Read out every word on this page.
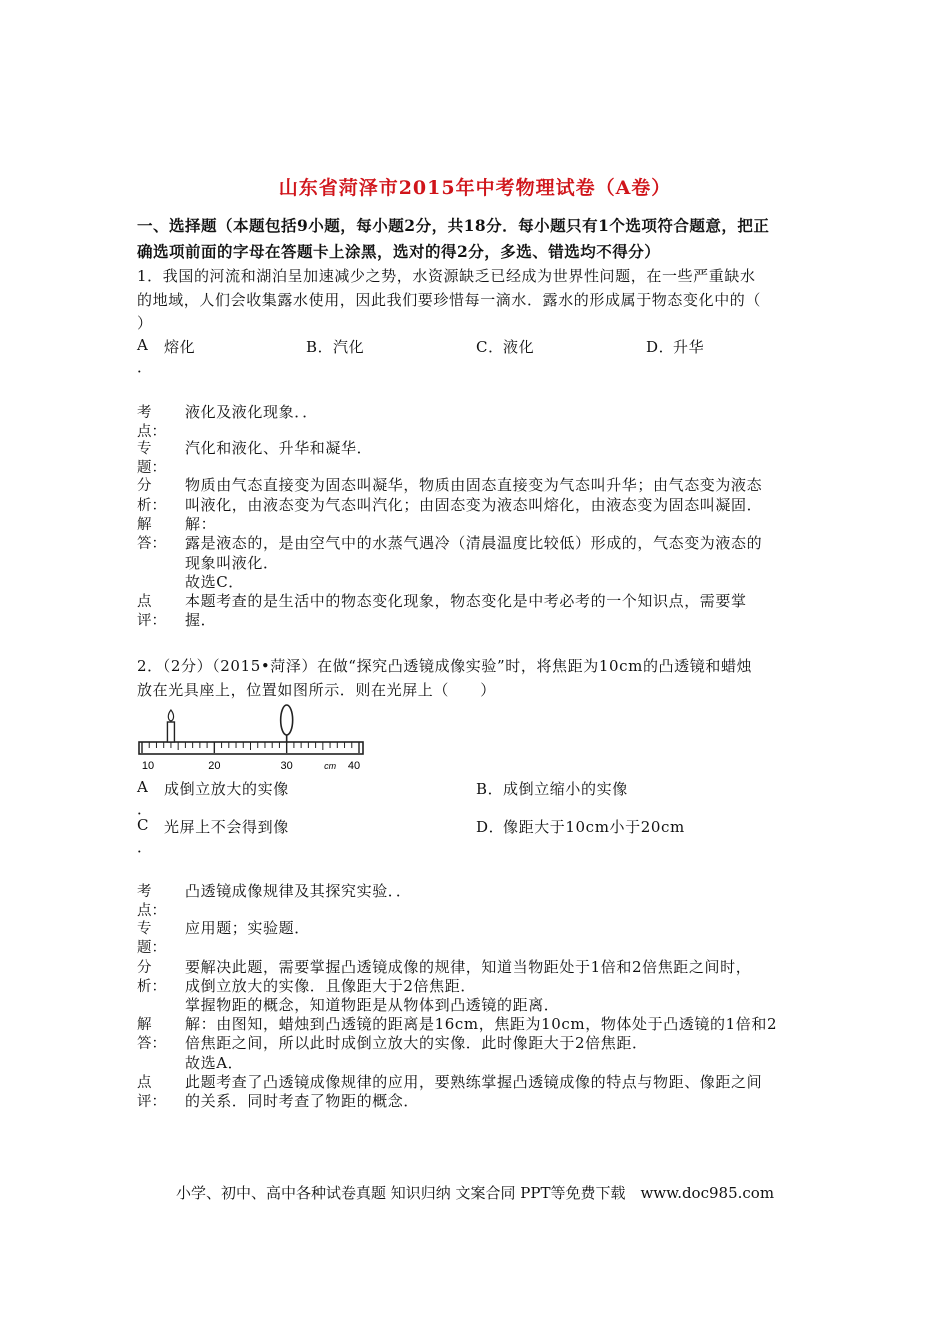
山东省菏泽市2015年中考物理试卷（A卷）
一、选择题（本题包括9小题，每小题2分，共18分．每小题只有1个选项符合题意，把正
确选项前面的字母在答题卡上涂黑，选对的得2分，多选、错选均不得分）
1．我国的河流和湖泊呈加速减少之势，水资源缺乏已经成为世界性问题，在一些严重缺水
的地域，人们会收集露水使用，因此我们要珍惜每一滴水．露水的形成属于物态变化中的（
）
A 熔化
．
B． 汽化	C． 液化	D．
升华
考
点：
液化及液化现象．．
专
题：
汽化和液化、升华和凝华．
分
析：
物质由气态直接变为固态叫凝华，物质由固态直接变为气态叫升华；由气态变为液态
叫液化，由液态变为气态叫汽化；由固态变为液态叫熔化，由液态变为固态叫凝固．
解
答：
解：
露是液态的，是由空气中的水蒸气遇冷（清晨温度比较低）形成的，气态变为液态的
现象叫液化．
故选C．
点
评：
本题考查的是生活中的物态变化现象，物态变化是中考必考的一个知识点，需要掌
握．
2．（2分）（2015•菏泽）在做“探究凸透镜成像实验”时，将焦距为10cm的凸透镜和蜡烛
放在光具座上，位置如图所示．则在光屏上（　　）
10	20	30	cm 40
A 成倒立放大的实像
．
B． 成倒立缩小的实像
C 光屏上不会得到像
．
D．
像距大于10cm小于20cm
考
点：
凸透镜成像规律及其探究实验．．
专
题：
应用题；实验题．
分
析：
要解决此题，需要掌握凸透镜成像的规律，知道当物距处于1倍和2倍焦距之间时，
成倒立放大的实像．且像距大于2倍焦距．
掌握物距的概念，知道物距是从物体到凸透镜的距离．
解
答：
解：由图知，蜡烛到凸透镜的距离是16cm，焦距为10cm，物体处于凸透镜的1倍和2
倍焦距之间，所以此时成倒立放大的实像．此时像距大于2倍焦距．
故选A．
点
评：
此题考查了凸透镜成像规律的应用，要熟练掌握凸透镜成像的特点与物距、像距之间
的关系．同时考查了物距的概念．
小学、初中、高中各种试卷真题 知识归纳 文案合同 PPT等免费下载　www.doc985.com
